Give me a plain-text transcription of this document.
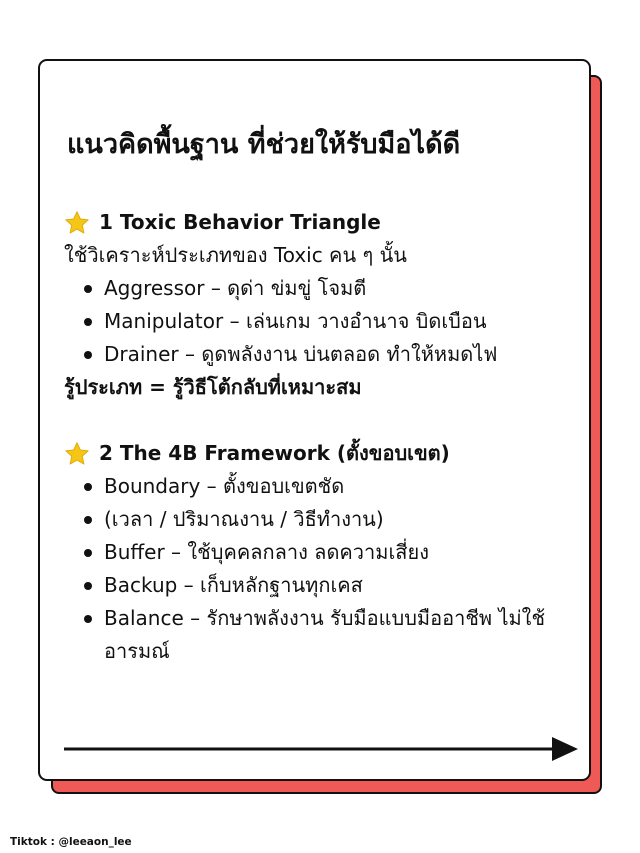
แนวคิดพื้นฐาน ที่ช่วยให้รับมือได้ดี
1 Toxic Behavior Triangle
ใช้วิเคราะห์ประเภทของ Toxic คน ๆ นั้น
Aggressor – ดุด่า ข่มขู่ โจมตี
Manipulator – เล่นเกม วางอำนาจ บิดเบือน
Drainer – ดูดพลังงาน บ่นตลอด ทำให้หมดไฟ
รู้ประเภท = รู้วิธีโต้กลับที่เหมาะสม
2 The 4B Framework (ตั้งขอบเขต)
Boundary – ตั้งขอบเขตชัด
(เวลา / ปริมาณงาน / วิธีทำงาน)
Buffer – ใช้บุคคลกลาง ลดความเสี่ยง
Backup – เก็บหลักฐานทุกเคส
Balance – รักษาพลังงาน รับมือแบบมืออาชีพ ไม่ใช้อารมณ์
Tiktok : @leeaon_lee
